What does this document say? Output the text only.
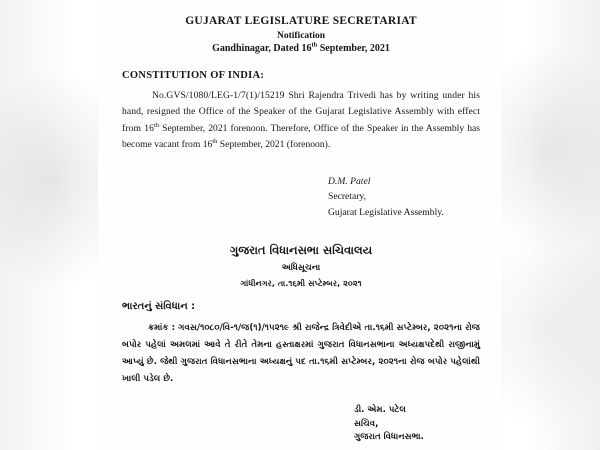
GUJARAT LEGISLATURE SECRETARIAT
Notification
Gandhinagar, Dated 16th September, 2021
CONSTITUTION OF INDIA:

No.GVS/1080/LEG-1/7(1)/15219 Shri Rajendra Trivedi has by writing under his hand, resigned the Office of the Speaker of the Gujarat Legislative Assembly with effect from 16th September, 2021 forenoon. Therefore, Office of the Speaker in the Assembly has become vacant from 16th September, 2021 (forenoon).

D.M. Patel
Secretary,
Gujarat Legislative Assembly.
ગુજરાત વિધાનસભા સચિવાલય
અધિસૂચના
ગાંધીનગર, તા.૧૬મી સપ્ટેમ્બર, ૨૦૨૧
ભારતનું સંવિધાન :

ક્રમાંક : ગવસ/૧૦૮૦/વિ-૧/જ(૧)/૧૫૨૧૯ શ્રી રાજેન્દ્ર ત્રિવેદીએ તા.૧૬મી સપ્ટેમ્બર, ૨૦૨૧ના રોજ બપોર પહેલાં અમલમાં આવે તે રીતે તેમના હસ્તાક્ષરમાં ગુજરાત વિધાનસભાના અધ્યક્ષપદેથી રાજીનામું આપ્યું છે. જેથી ગુજરાત વિધાનસભાના અધ્યક્ષનું પદ તા.૧૬મી સપ્ટેમ્બર, ૨૦૨૧ના રોજ બપોર પહેલાંથી ખાલી પડેલ છે.

ડી. એમ. પટેલ
સચિવ,
ગુજરાત વિધાનસભા.
